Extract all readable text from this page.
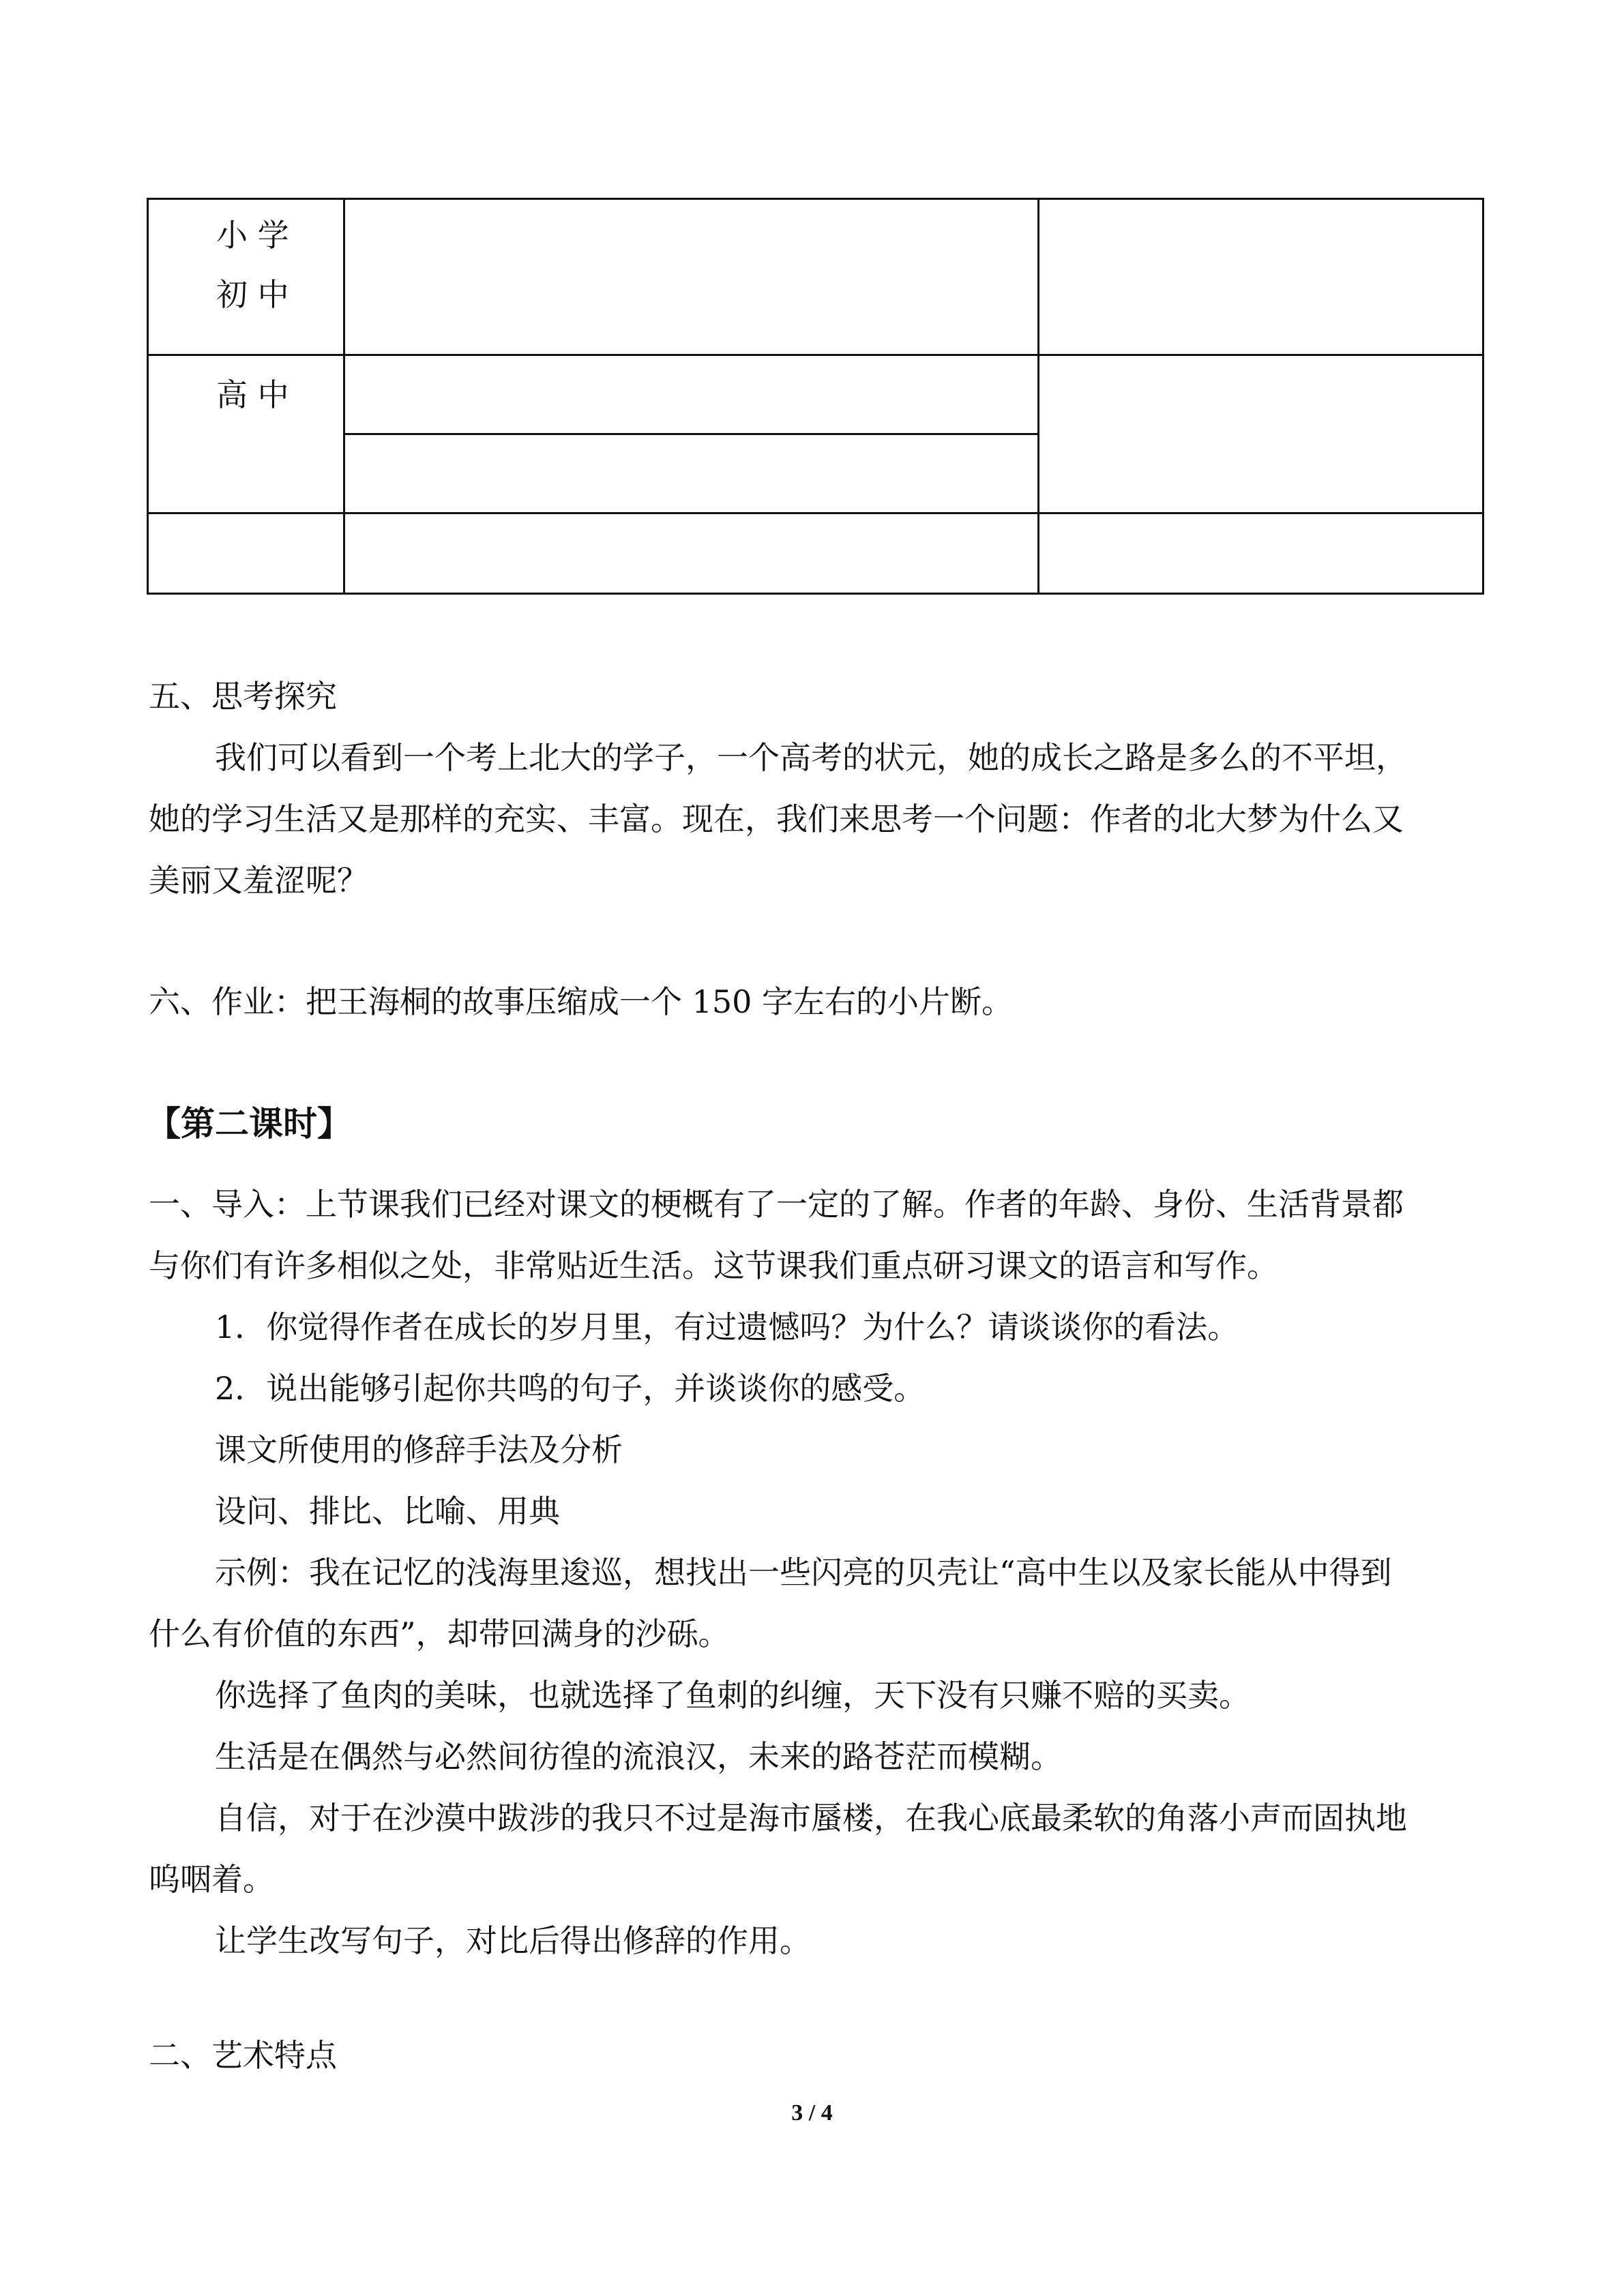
小 学
初 中
高 中
五、思考探究
我们可以看到一个考上北大的学子，一个高考的状元，她的成长之路是多么的不平坦，
她的学习生活又是那样的充实、丰富。现在，我们来思考一个问题：作者的北大梦为什么又
美丽又羞涩呢？
六、作业：把王海桐的故事压缩成一个 150 字左右的小片断。
【第二课时】
一、导入：上节课我们已经对课文的梗概有了一定的了解。作者的年龄、身份、生活背景都
与你们有许多相似之处，非常贴近生活。这节课我们重点研习课文的语言和写作。
1．你觉得作者在成长的岁月里，有过遗憾吗？为什么？请谈谈你的看法。
2．说出能够引起你共鸣的句子，并谈谈你的感受。
课文所使用的修辞手法及分析
设问、排比、比喻、用典
示例：我在记忆的浅海里逡巡，想找出一些闪亮的贝壳让“高中生以及家长能从中得到
什么有价值的东西”，却带回满身的沙砾。
你选择了鱼肉的美味，也就选择了鱼刺的纠缠，天下没有只赚不赔的买卖。
生活是在偶然与必然间彷徨的流浪汉，未来的路苍茫而模糊。
自信，对于在沙漠中跋涉的我只不过是海市蜃楼，在我心底最柔软的角落小声而固执地
呜咽着。
让学生改写句子，对比后得出修辞的作用。
二、艺术特点
3 / 4
